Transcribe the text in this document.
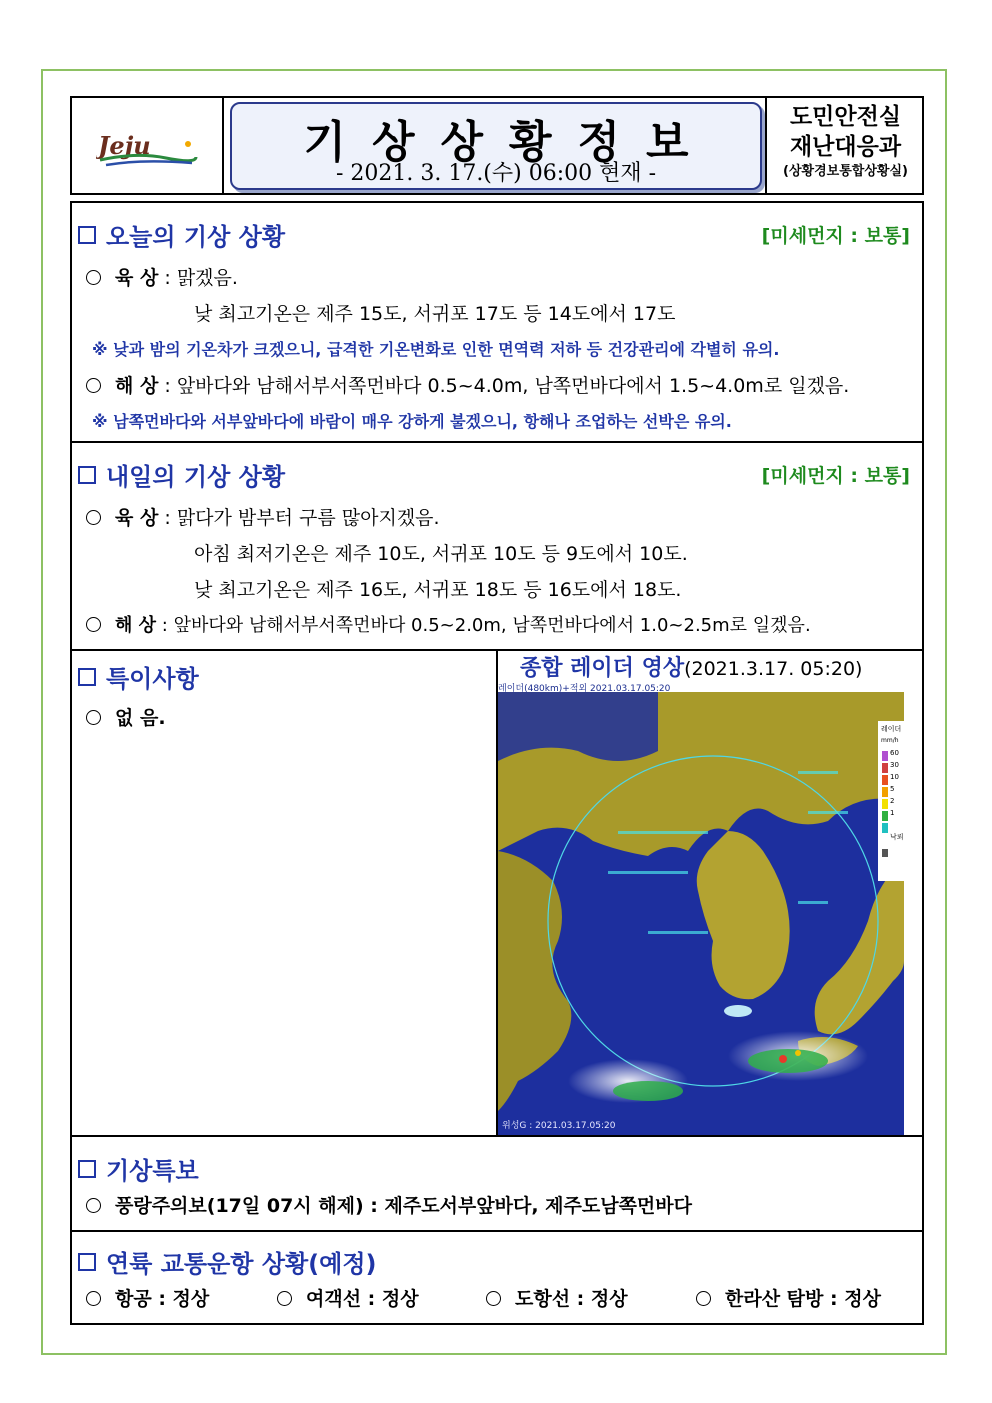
Jeju	기상상황정보
- 2021. 3. 17.(수) 06:00 현재 -
도민안전실
재난대응과
(상황경보통합상황실)
오늘의 기상 상황	[미세먼지 : 보통]
육 상 : 맑겠음.
낮 최고기온은 제주 15도, 서귀포 17도 등 14도에서 17도
※ 낮과 밤의 기온차가 크겠으니, 급격한 기온변화로 인한 면역력 저하 등 건강관리에 각별히 유의.
해 상 : 앞바다와 남해서부서쪽먼바다 0.5~4.0m, 남쪽먼바다에서 1.5~4.0m로 일겠음.
※ 남쪽먼바다와 서부앞바다에 바람이 매우 강하게 불겠으니, 항해나 조업하는 선박은 유의.
내일의 기상 상황	[미세먼지 : 보통]
육 상 : 맑다가 밤부터 구름 많아지겠음.
아침 최저기온은 제주 10도, 서귀포 10도 등 9도에서 10도.
낮 최고기온은 제주 16도, 서귀포 18도 등 16도에서 18도.
해 상 : 앞바다와 남해서부서쪽먼바다 0.5~2.0m, 남쪽먼바다에서 1.0~2.5m로 일겠음.
특이사항
없 음.
종합 레이더 영상(2021.3.17. 05:20)
레이더(480km)+적외 2021.03.17.05:20
위성G : 2021.03.17.05:20
레이더
mm/h
60
30
10
5
2
1
낙뢰
기상특보
풍랑주의보(17일 07시 해제) : 제주도서부앞바다, 제주도남쪽먼바다
연륙 교통운항 상황(예정)
항공 : 정상	여객선 : 정상	도항선 : 정상	한라산 탐방 : 정상
